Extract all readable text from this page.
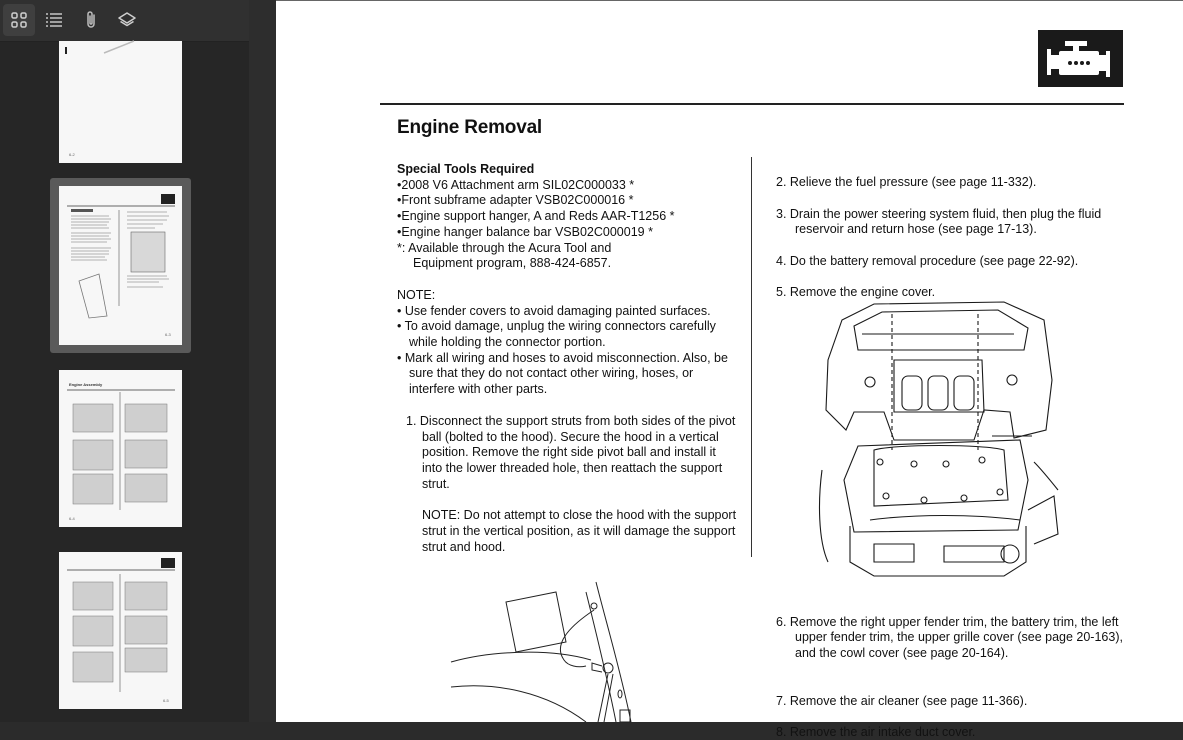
6-2
6-3
Engine Assembly
6-4
6-5
Engine Removal

Special Tools Required

•2008 V6 Attachment arm SIL02C000033 *

•Front subframe adapter VSB02C000016 *

•Engine support hanger, A and Reds AAR-T1256 *

•Engine hanger balance bar VSB02C000019 *

*: Available through the Acura Tool and

Equipment program, 888-424-6857.

NOTE:

• Use fender covers to avoid damaging painted surfaces.

• To avoid damage, unplug the wiring connectors carefully while holding the connector portion.

• Mark all wiring and hoses to avoid misconnection. Also, be sure that they do not contact other wiring, hoses, or interfere with other parts.

1. Disconnect the support struts from both sides of the pivot ball (bolted to the hood). Secure the hood in a vertical position. Remove the right side pivot ball and install it into the lower threaded hole, then reattach the support strut.

NOTE: Do not attempt to close the hood with the support strut in the vertical position, as it will damage the support strut and hood.

2. Relieve the fuel pressure (see page 11-332).

3. Drain the power steering system fluid, then plug the fluid reservoir and return hose (see page 17-13).

4. Do the battery removal procedure (see page 22-92).

5. Remove the engine cover.

6. Remove the right upper fender trim, the battery trim, the left upper fender trim, the upper grille cover (see page 20-163), and the cowl cover (see page 20-164).

7. Remove the air cleaner (see page 11-366).

8. Remove the air intake duct cover.
